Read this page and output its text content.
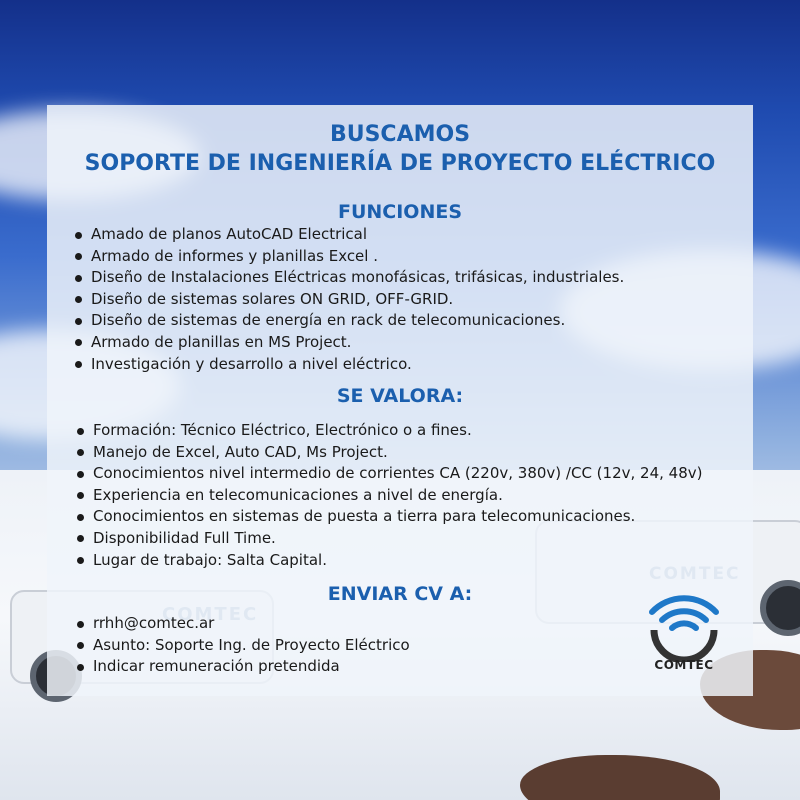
BUSCAMOS
SOPORTE DE INGENIERÍA DE PROYECTO ELÉCTRICO
FUNCIONES
Amado de planos AutoCAD Electrical
Armado de informes y planillas Excel .
Diseño de Instalaciones Eléctricas monofásicas, trifásicas, industriales.
Diseño de sistemas solares ON GRID, OFF-GRID.
Diseño de sistemas de energía en rack de telecomunicaciones.
Armado de planillas en MS Project.
Investigación y desarrollo a nivel eléctrico.
SE VALORA:
Formación: Técnico Eléctrico, Electrónico o a fines.
Manejo de Excel, Auto CAD, Ms Project.
Conocimientos nivel intermedio de corrientes CA (220v, 380v) /CC (12v, 24, 48v)
Experiencia en telecomunicaciones a nivel de energía.
Conocimientos en sistemas de puesta a tierra para telecomunicaciones.
Disponibilidad Full Time.
Lugar de trabajo: Salta Capital.
ENVIAR CV A:
rrhh@comtec.ar
Asunto: Soporte Ing. de Proyecto Eléctrico
Indicar remuneración pretendida	COMTEC
